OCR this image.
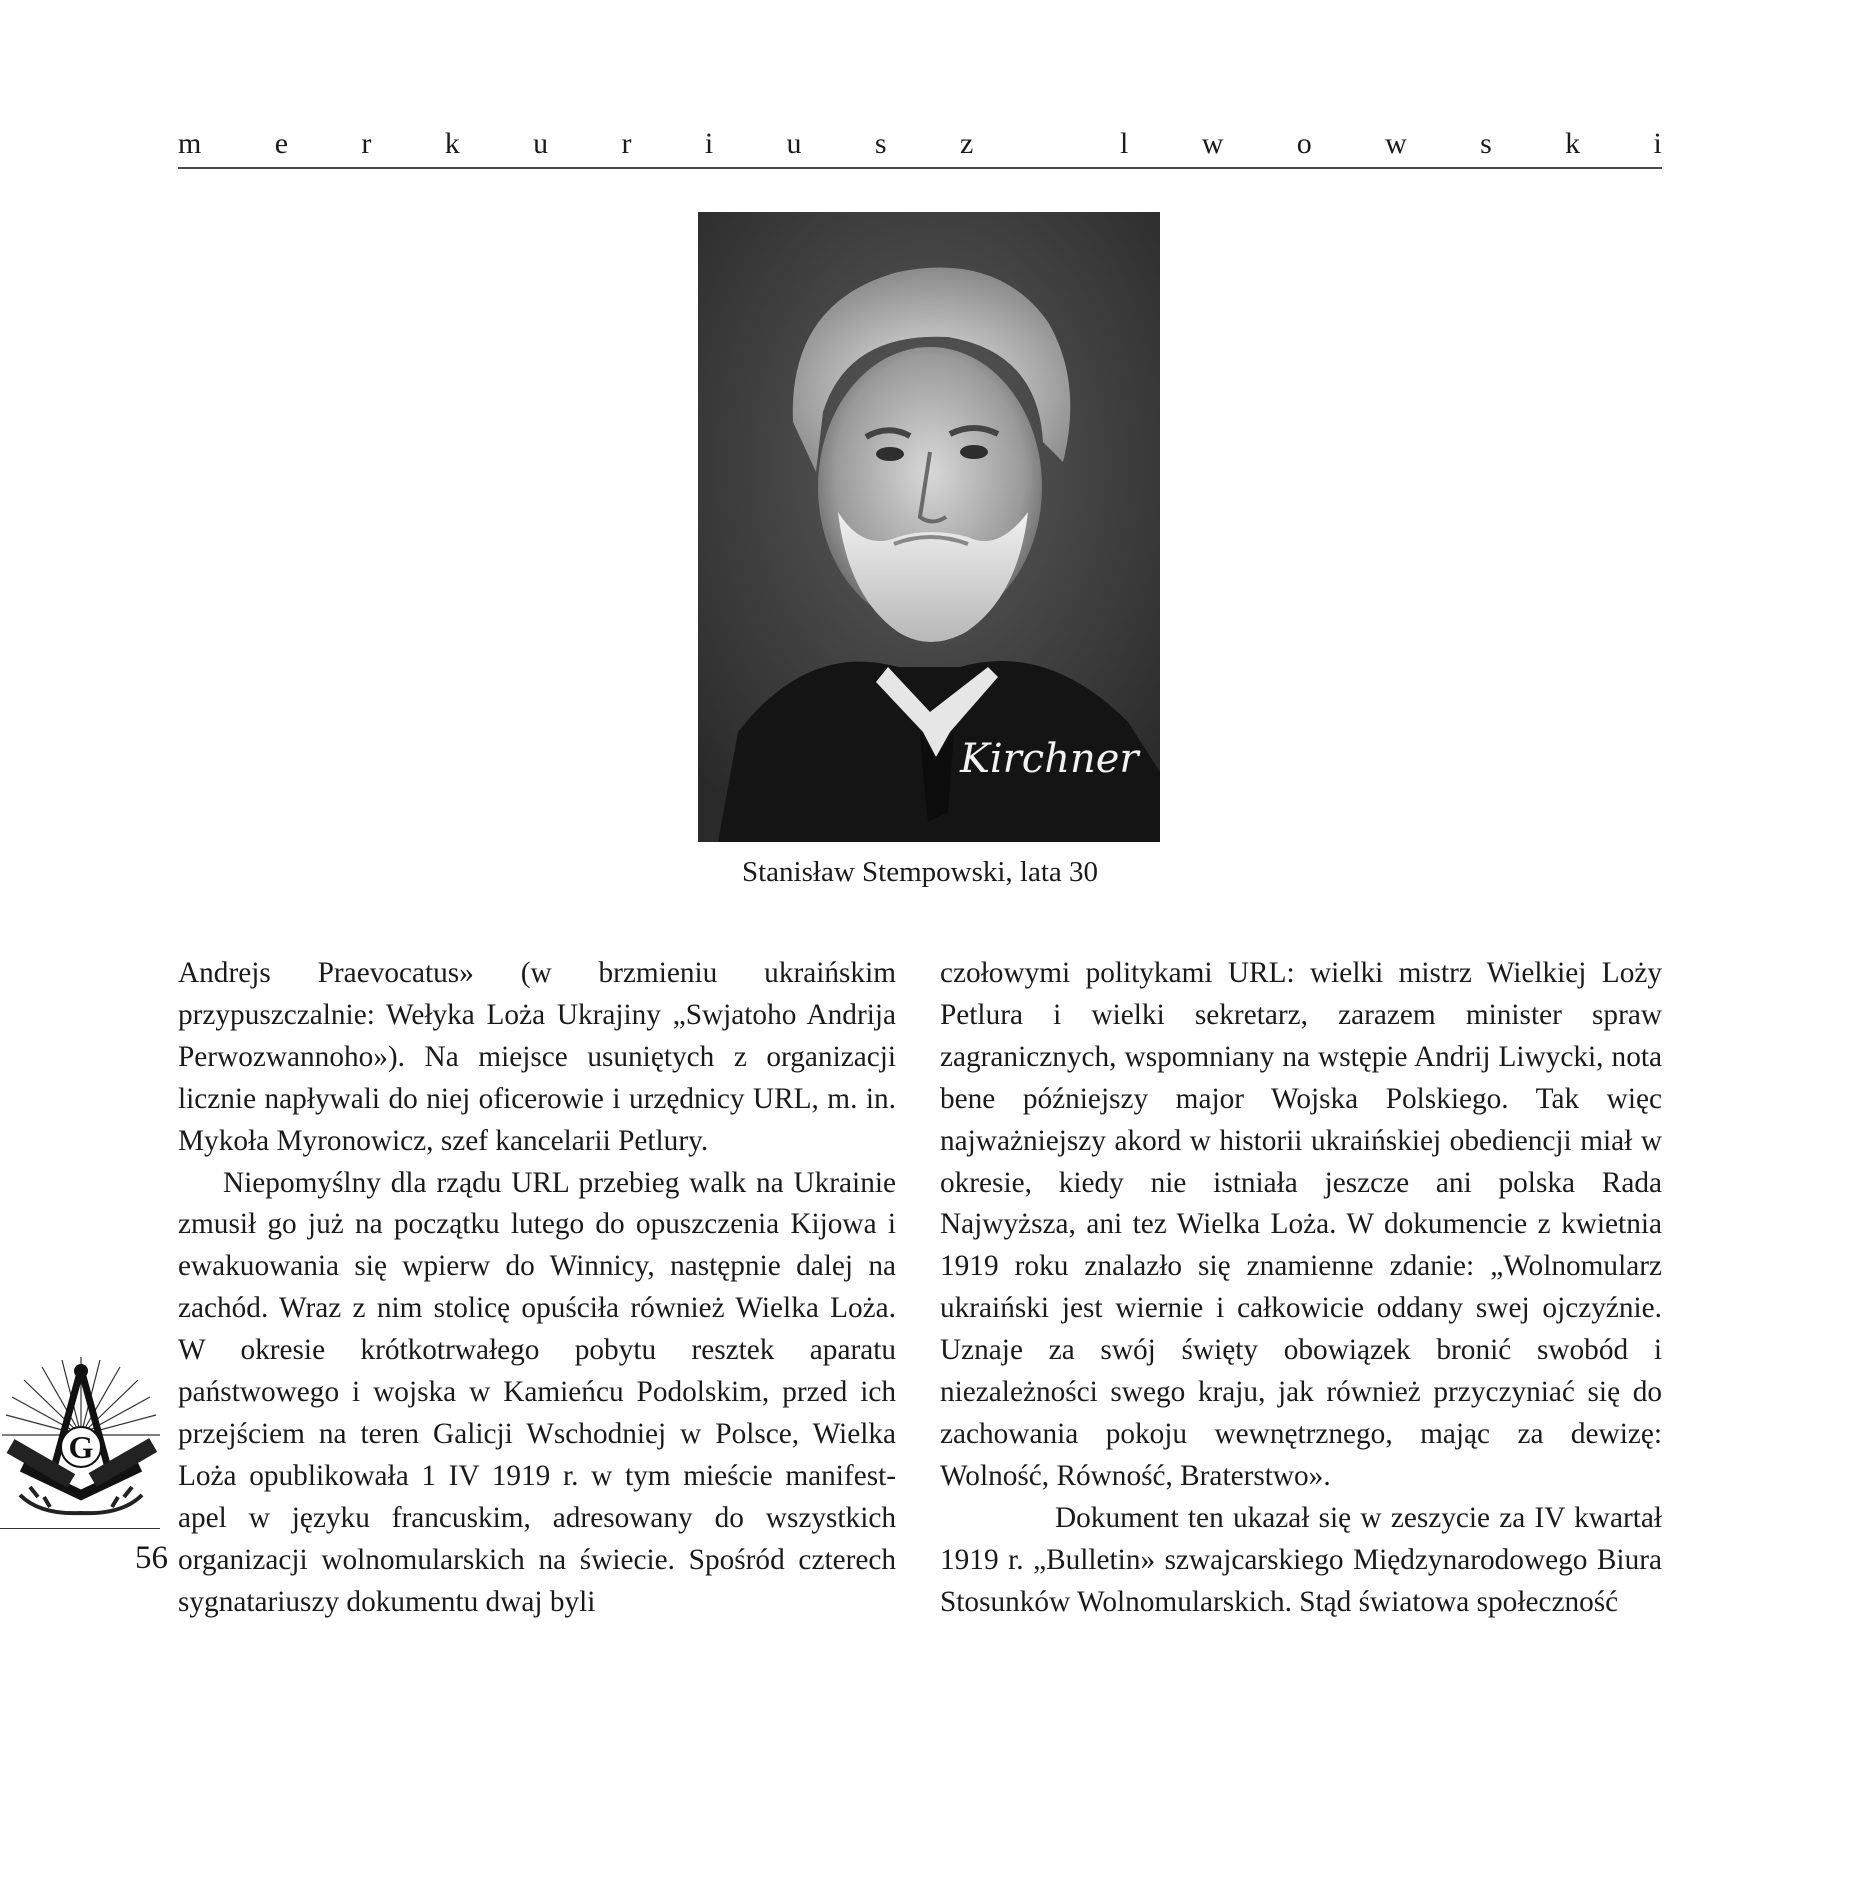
m e r k u r i u s z	l w o w s k i
Kirchner
Stanisław Stempowski, lata 30

Andrejs Praevocatus» (w brzmieniu ukraińskim przypuszczalnie: Wełyka Loża Ukrajiny „Swjatoho Andrija Perwozwannoho»). Na miejsce usuniętych z organizacji licznie napływali do niej oficerowie i urzędnicy URL, m. in. Mykoła Myronowicz, szef kancelarii Petlury.

Niepomyślny dla rządu URL przebieg walk na Ukrainie zmusił go już na początku lutego do opuszczenia Kijowa i ewakuowania się wpierw do Winnicy, następnie dalej na zachód. Wraz z nim stolicę opuściła również Wielka Loża. W okresie krótkotrwałego pobytu resztek aparatu państwowego i wojska w Kamieńcu Podolskim, przed ich przejściem na teren Galicji Wschodniej w Polsce, Wielka Loża opublikowała 1 IV 1919 r. w tym mieście manifest-apel w języku francuskim, adresowany do wszystkich organizacji wolnomularskich na świecie. Spośród czterech sygnatariuszy dokumentu dwaj byli

czołowymi politykami URL: wielki mistrz Wielkiej Loży Petlura i wielki sekretarz, zarazem minister spraw zagranicznych, wspomniany na wstępie Andrij Liwycki, nota bene późniejszy major Wojska Polskiego. Tak więc najważniejszy akord w historii ukraińskiej obediencji miał w okresie, kiedy nie istniała jeszcze ani polska Rada Najwyższa, ani tez Wielka Loża. W dokumencie z kwietnia 1919 roku znalazło się znamienne zdanie: „Wolnomularz ukraiński jest wiernie i całkowicie oddany swej ojczyźnie. Uznaje za swój święty obowiązek bronić swobód i niezależności swego kraju, jak również przyczyniać się do zachowania pokoju wewnętrznego, mając za dewizę: Wolność, Równość, Braterstwo».

Dokument ten ukazał się w zeszycie za IV kwartał 1919 r. „Bulletin» szwajcarskiego Międzynarodowego Biura Stosunków Wolnomularskich. Stąd światowa społeczność

G
56
